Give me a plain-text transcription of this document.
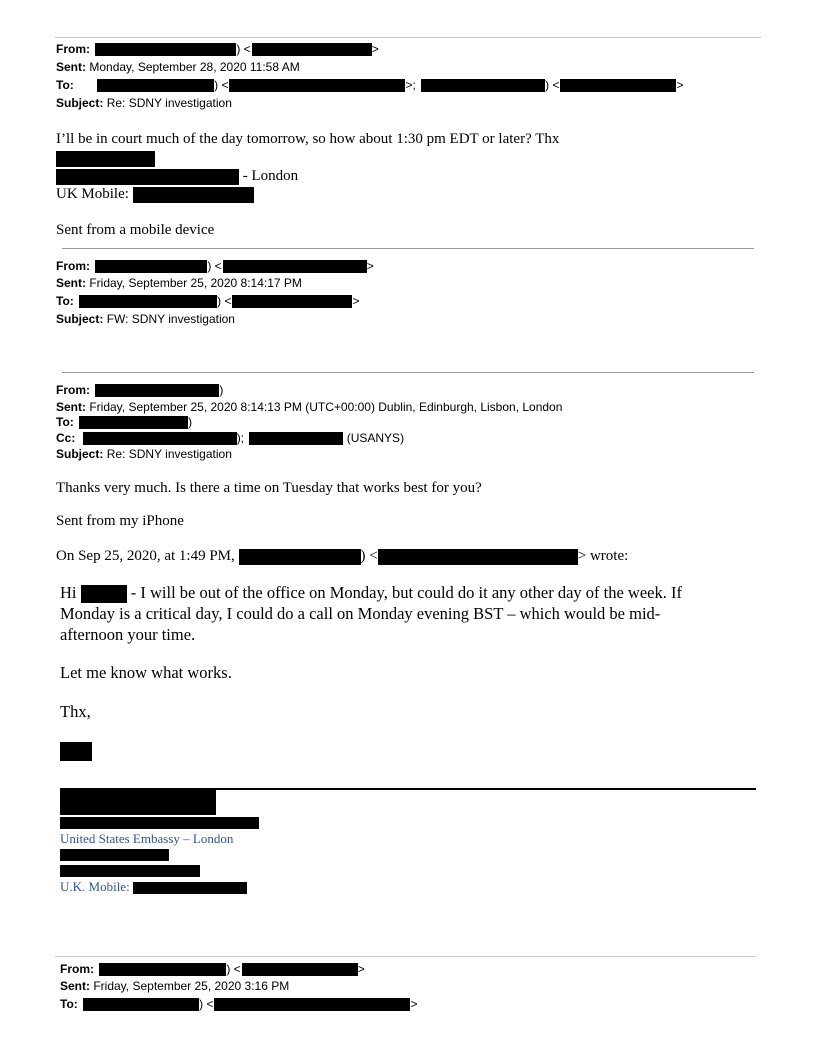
From:	) <	>
Sent: Monday, September 28, 2020 11:58 AM
To:	) <	>;	) <	>
Subject: Re: SDNY investigation
I’ll be in court much of the day tomorrow, so how about 1:30 pm EDT or later? Thx
- London
UK Mobile:
Sent from a mobile device
From:	) <	>
Sent: Friday, September 25, 2020 8:14:17 PM
To:	) <	>
Subject: FW: SDNY investigation
From:	)
Sent: Friday, September 25, 2020 8:14:13 PM (UTC+00:00) Dublin, Edinburgh, Lisbon, London
To:	)
Cc:	);	(USANYS)
Subject: Re: SDNY investigation
Thanks very much. Is there a time on Tuesday that works best for you?
Sent from my iPhone
On Sep 25, 2020, at 1:49 PM,	) <	> wrote:
Hi	- I will be out of the office on Monday, but could do it any other day of the week. If
Monday is a critical day, I could do a call on Monday evening BST – which would be mid-
afternoon your time.
Let me know what works.
Thx,
United States Embassy – London
U.K. Mobile:
From:	) <	>
Sent: Friday, September 25, 2020 3:16 PM
To:	) <	>
